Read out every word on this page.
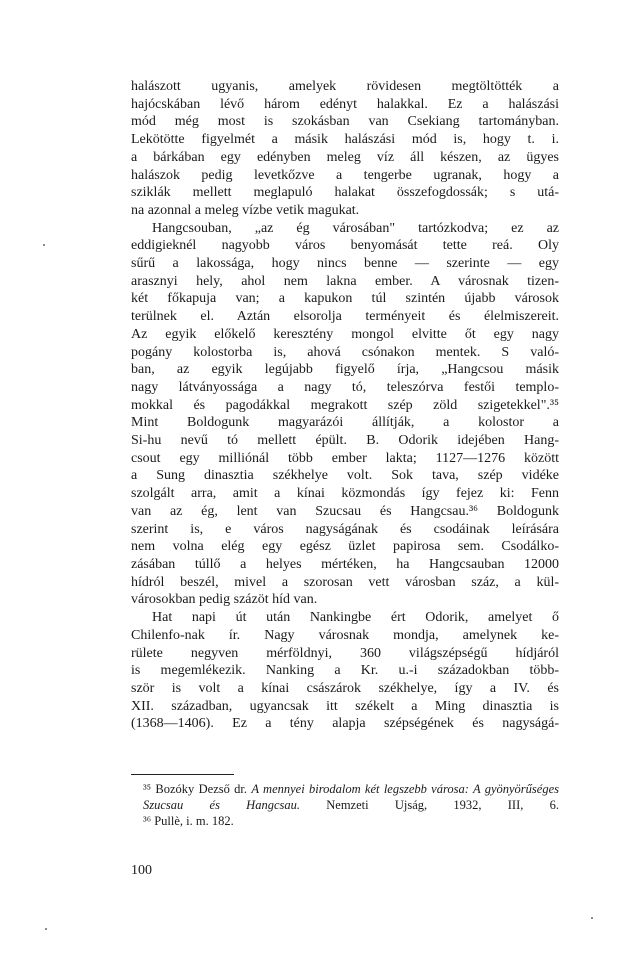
halászott ugyanis, amelyek rövidesen megtöltötték a
hajócskában lévő három edényt halakkal. Ez a halászási
mód még most is szokásban van Csekiang tartományban.
Lekötötte figyelmét a másik halászási mód is, hogy t. i.
a bárkában egy edényben meleg víz áll készen, az ügyes
halászok pedig levetkőzve a tengerbe ugranak, hogy a
sziklák mellett meglapuló halakat összefogdossák; s utá-
na azonnal a meleg vízbe vetik magukat.

Hangcsouban, „az ég városában" tartózkodva; ez az
eddigieknél nagyobb város benyomását tette reá. Oly
sűrű a lakossága, hogy nincs benne — szerinte — egy
arasznyi hely, ahol nem lakna ember. A városnak tizen-
két főkapuja van; a kapukon túl szintén újabb városok
terülnek el. Aztán elsorolja terményeit és élelmiszereit.
Az egyik előkelő keresztény mongol elvitte őt egy nagy
pogány kolostorba is, ahová csónakon mentek. S való-
ban, az egyik legújabb figyelő írja, „Hangcsou másik
nagy látványossága a nagy tó, teleszórva festői templo-
mokkal és pagodákkal megrakott szép zöld szigetekkel".³⁵
Mint Boldogunk magyarázói állítják, a kolostor a
Si-hu nevű tó mellett épült. B. Odorik idejében Hang-
csout egy milliónál több ember lakta; 1127—1276 között
a Sung dinasztia székhelye volt. Sok tava, szép vidéke
szolgált arra, amit a kínai közmondás így fejez ki: Fenn
van az ég, lent van Szucsau és Hangcsau.³⁶ Boldogunk
szerint is, e város nagyságának és csodáinak leírására
nem volna elég egy egész üzlet papirosa sem. Csodálko-
zásában túllő a helyes mértéken, ha Hangcsauban 12000
hídról beszél, mivel a szorosan vett városban száz, a kül-
városokban pedig százöt híd van.

Hat napi út után Nankingbe ért Odorik, amelyet ő
Chilenfo-nak ír. Nagy városnak mondja, amelynek ke-
rülete negyven mérföldnyi, 360 világszépségű hídjáról
is megemlékezik. Nanking a Kr. u.-i századokban több-
ször is volt a kínai császárok székhelye, így a IV. és
XII. században, ugyancsak itt székelt a Ming dinasztia is
(1368—1406). Ez a tény alapja szépségének és nagyságá-

³⁵ Bozóky Dezső dr. A mennyei birodalom két legszebb városa: A gyönyörűséges Szucsau és Hangcsau. Nemzeti Ujság, 1932, III, 6.

³⁶ Pullè, i. m. 182.

100
